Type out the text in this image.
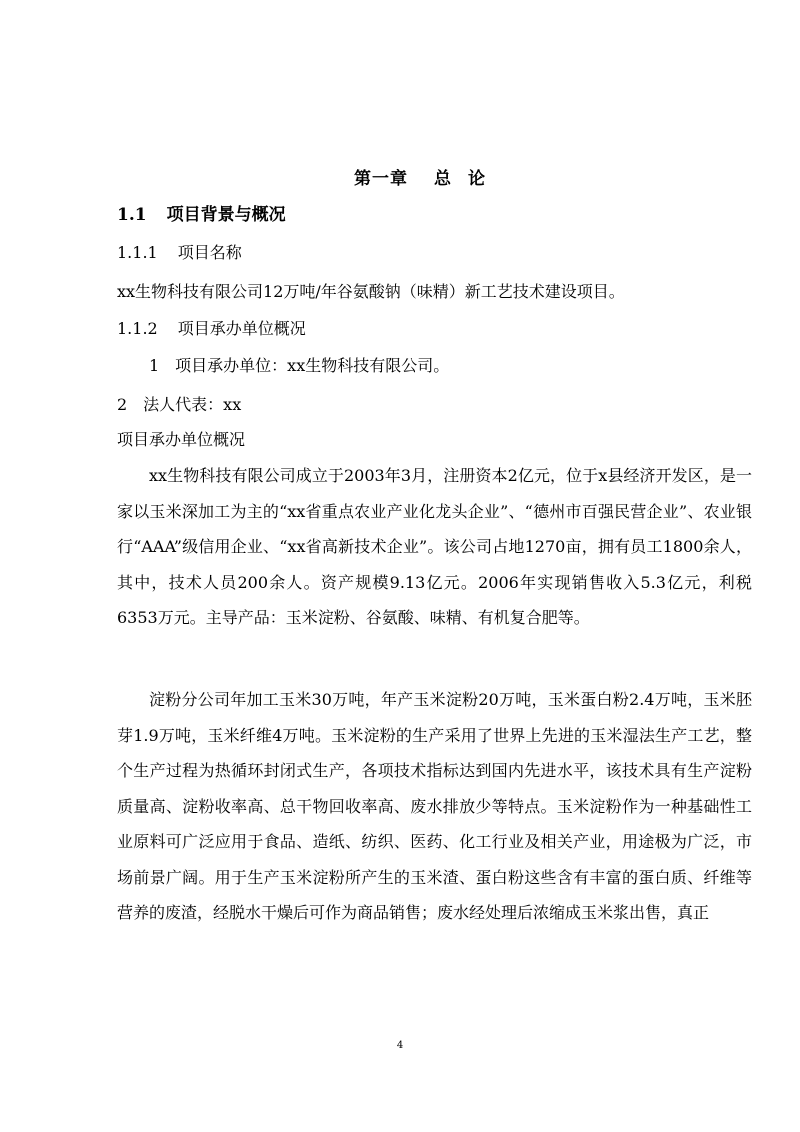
第一章 总 论
1.1 项目背景与概况
1.1.1 项目名称

xx生物科技有限公司12万吨/年谷氨酸钠（味精）新工艺技术建设项目。

1.1.2 项目承办单位概况

1　项目承办单位：xx生物科技有限公司。

2　法人代表：xx

项目承办单位概况

xx生物科技有限公司成立于2003年3月，注册资本2亿元，位于x县经济开发区，是一家以玉米深加工为主的“xx省重点农业产业化龙头企业”、“德州市百强民营企业”、农业银行“AAA”级信用企业、“xx省高新技术企业”。该公司占地1270亩，拥有员工1800余人，其中，技术人员200余人。资产规模9.13亿元。2006年实现销售收入5.3亿元，利税6353万元。主导产品：玉米淀粉、谷氨酸、味精、有机复合肥等。

淀粉分公司年加工玉米30万吨，年产玉米淀粉20万吨，玉米蛋白粉2.4万吨，玉米胚芽1.9万吨，玉米纤维4万吨。玉米淀粉的生产采用了世界上先进的玉米湿法生产工艺，整个生产过程为热循环封闭式生产，各项技术指标达到国内先进水平，该技术具有生产淀粉质量高、淀粉收率高、总干物回收率高、废水排放少等特点。玉米淀粉作为一种基础性工业原料可广泛应用于食品、造纸、纺织、医药、化工行业及相关产业，用途极为广泛，市场前景广阔。用于生产玉米淀粉所产生的玉米渣、蛋白粉这些含有丰富的蛋白质、纤维等营养的废渣，经脱水干燥后可作为商品销售；废水经处理后浓缩成玉米浆出售，真正

4
